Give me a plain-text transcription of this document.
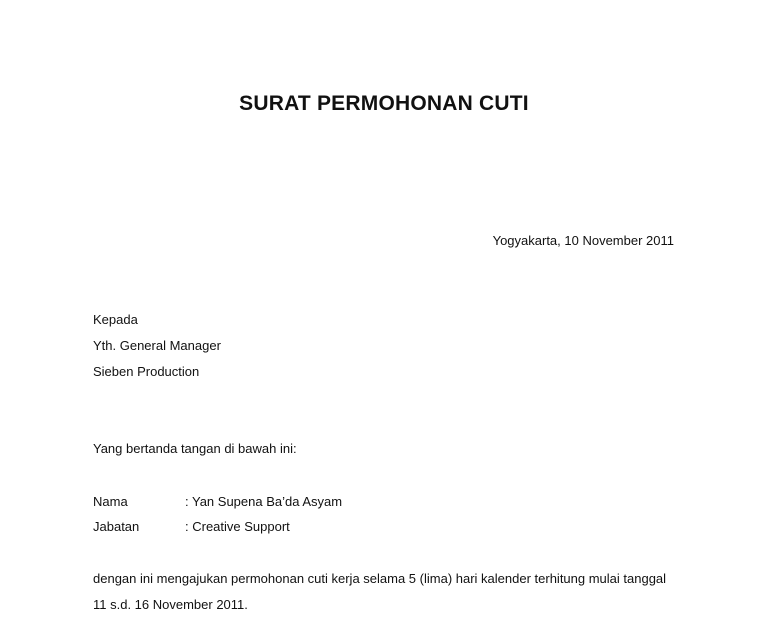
SURAT PERMOHONAN CUTI
Yogyakarta, 10 November 2011
Kepada
Yth. General Manager
Sieben Production
Yang bertanda tangan di bawah ini:
Nama	: Yan Supena Ba’da Asyam
Jabatan	: Creative Support
dengan ini mengajukan permohonan cuti kerja selama 5 (lima) hari kalender terhitung mulai tanggal
11 s.d. 16 November 2011.
